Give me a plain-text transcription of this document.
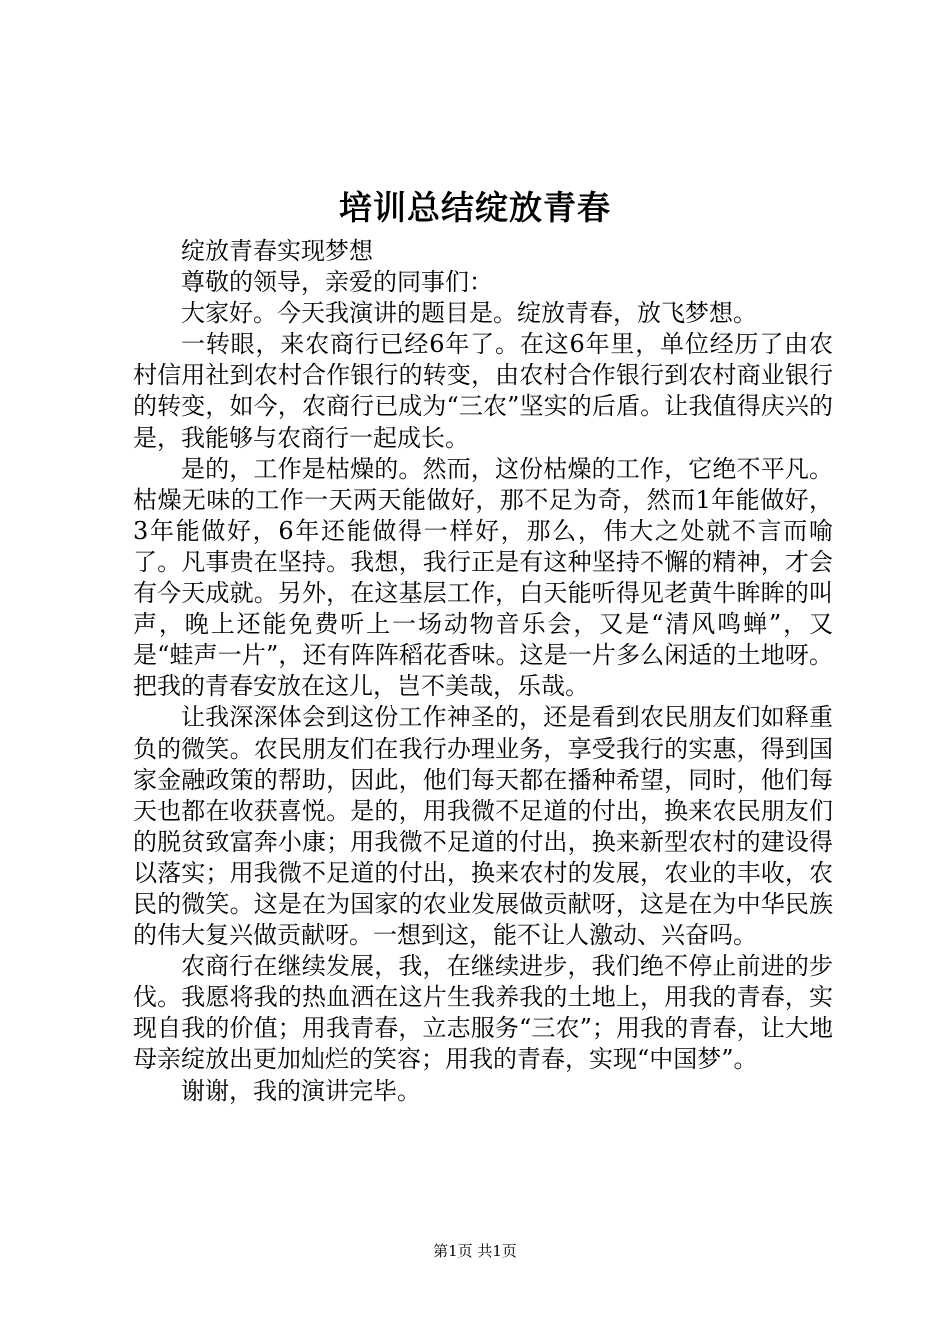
培训总结绽放青春

绽放青春实现梦想

尊敬的领导，亲爱的同事们：

大家好。今天我演讲的题目是。绽放青春，放飞梦想。

一转眼，来农商行已经6年了。在这6年里，单位经历了由农村信用社到农村合作银行的转变，由农村合作银行到农村商业银行的转变，如今，农商行已成为“三农”坚实的后盾。让我值得庆兴的是，我能够与农商行一起成长。

是的，工作是枯燥的。然而，这份枯燥的工作，它绝不平凡。枯燥无味的工作一天两天能做好，那不足为奇，然而1年能做好，3年能做好，6年还能做得一样好，那么，伟大之处就不言而喻了。凡事贵在坚持。我想，我行正是有这种坚持不懈的精神，才会有今天成就。另外，在这基层工作，白天能听得见老黄牛眸眸的叫声，晚上还能免费听上一场动物音乐会，又是“清风鸣蝉”，又是“蛙声一片”，还有阵阵稻花香味。这是一片多么闲适的土地呀。把我的青春安放在这儿，岂不美哉，乐哉。

让我深深体会到这份工作神圣的，还是看到农民朋友们如释重负的微笑。农民朋友们在我行办理业务，享受我行的实惠，得到国家金融政策的帮助，因此，他们每天都在播种希望，同时，他们每天也都在收获喜悦。是的，用我微不足道的付出，换来农民朋友们的脱贫致富奔小康；用我微不足道的付出，换来新型农村的建设得以落实；用我微不足道的付出，换来农村的发展，农业的丰收，农民的微笑。这是在为国家的农业发展做贡献呀，这是在为中华民族的伟大复兴做贡献呀。一想到这，能不让人激动、兴奋吗。

农商行在继续发展，我，在继续进步，我们绝不停止前进的步伐。我愿将我的热血洒在这片生我养我的土地上，用我的青春，实现自我的价值；用我青春，立志服务“三农”；用我的青春，让大地母亲绽放出更加灿烂的笑容；用我的青春，实现“中国梦”。

谢谢，我的演讲完毕。

第1页 共1页
